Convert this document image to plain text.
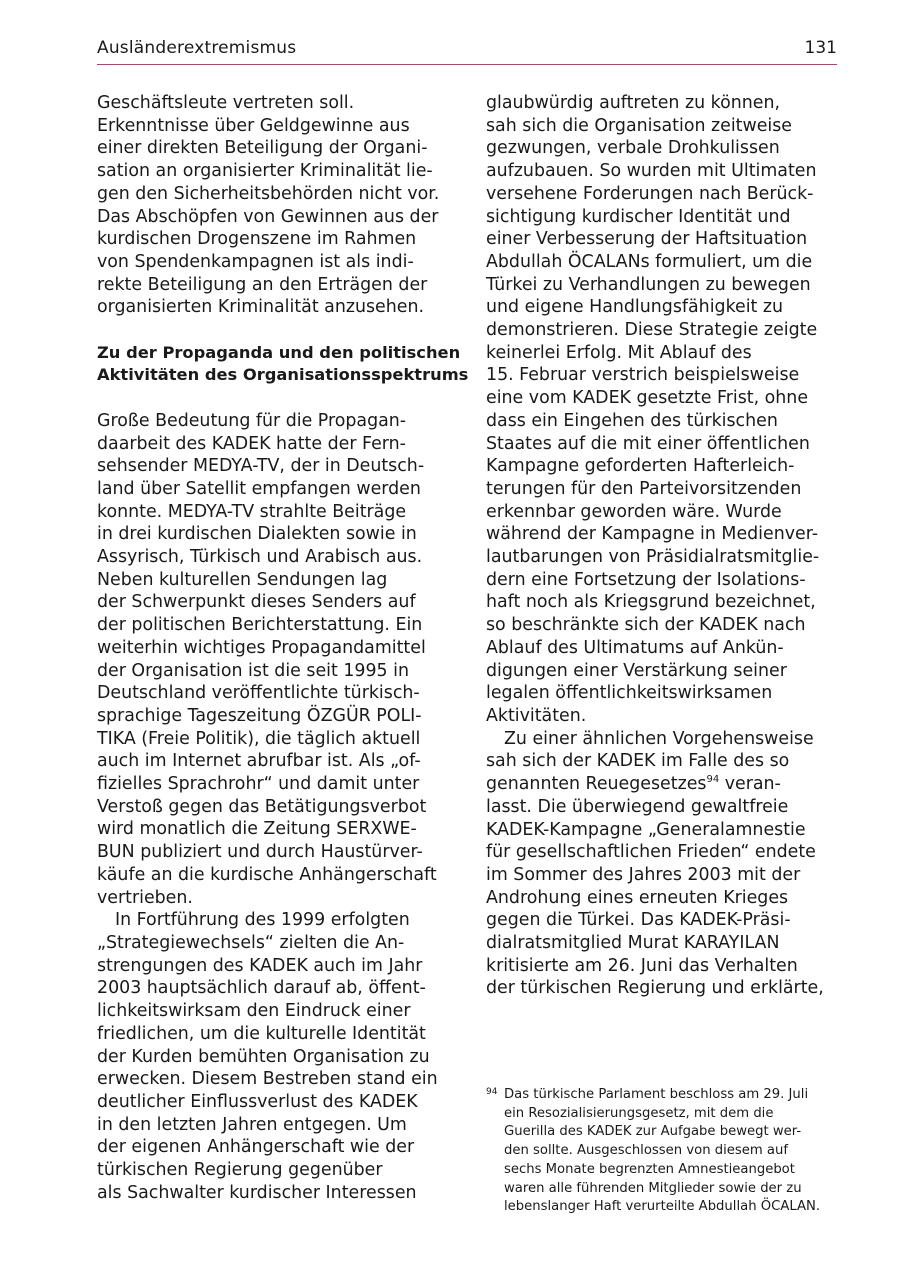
Ausländerextremismus	131
Geschäftsleute vertreten soll.
Erkenntnisse über Geldgewinne aus
einer direkten Beteiligung der Organi-
sation an organisierter Kriminalität lie-
gen den Sicherheitsbehörden nicht vor.
Das Abschöpfen von Gewinnen aus der
kurdischen Drogenszene im Rahmen
von Spendenkampagnen ist als indi-
rekte Beteiligung an den Erträgen der
organisierten Kriminalität anzusehen.
Zu der Propaganda und den politischen
Aktivitäten des Organisationsspektrums
Große Bedeutung für die Propagan-
daarbeit des KADEK hatte der Fern-
sehsender MEDYA-TV, der in Deutsch-
land über Satellit empfangen werden
konnte. MEDYA-TV strahlte Beiträge
in drei kurdischen Dialekten sowie in
Assyrisch, Türkisch und Arabisch aus.
Neben kulturellen Sendungen lag
der Schwerpunkt dieses Senders auf
der politischen Berichterstattung. Ein
weiterhin wichtiges Propagandamittel
der Organisation ist die seit 1995 in
Deutschland veröffentlichte türkisch-
sprachige Tageszeitung ÖZGÜR POLI-
TIKA (Freie Politik), die täglich aktuell
auch im Internet abrufbar ist. Als „of-
fizielles Sprachrohr“ und damit unter
Verstoß gegen das Betätigungsverbot
wird monatlich die Zeitung SERXWE-
BUN publiziert und durch Haustürver-
käufe an die kurdische Anhängerschaft
vertrieben.
In Fortführung des 1999 erfolgten
„Strategiewechsels“ zielten die An-
strengungen des KADEK auch im Jahr
2003 hauptsächlich darauf ab, öffent-
lichkeitswirksam den Eindruck einer
friedlichen, um die kulturelle Identität
der Kurden bemühten Organisation zu
erwecken. Diesem Bestreben stand ein
deutlicher Einflussverlust des KADEK
in den letzten Jahren entgegen. Um
der eigenen Anhängerschaft wie der
türkischen Regierung gegenüber
als Sachwalter kurdischer Interessen
glaubwürdig auftreten zu können,
sah sich die Organisation zeitweise
gezwungen, verbale Drohkulissen
aufzubauen. So wurden mit Ultimaten
versehene Forderungen nach Berück-
sichtigung kurdischer Identität und
einer Verbesserung der Haftsituation
Abdullah ÖCALANs formuliert, um die
Türkei zu Verhandlungen zu bewegen
und eigene Handlungsfähigkeit zu
demonstrieren. Diese Strategie zeigte
keinerlei Erfolg. Mit Ablauf des
15. Februar verstrich beispielsweise
eine vom KADEK gesetzte Frist, ohne
dass ein Eingehen des türkischen
Staates auf die mit einer öffentlichen
Kampagne geforderten Hafterleich-
terungen für den Parteivorsitzenden
erkennbar geworden wäre. Wurde
während der Kampagne in Medienver-
lautbarungen von Präsidialratsmitglie-
dern eine Fortsetzung der Isolations-
haft noch als Kriegsgrund bezeichnet,
so beschränkte sich der KADEK nach
Ablauf des Ultimatums auf Ankün-
digungen einer Verstärkung seiner
legalen öffentlichkeitswirksamen
Aktivitäten.
Zu einer ähnlichen Vorgehensweise
sah sich der KADEK im Falle des so
genannten Reuegesetzes$^{94}$ veran-
lasst. Die überwiegend gewaltfreie
KADEK-Kampagne „Generalamnestie
für gesellschaftlichen Frieden“ endete
im Sommer des Jahres 2003 mit der
Androhung eines erneuten Krieges
gegen die Türkei. Das KADEK-Präsi-
dialratsmitglied Murat KARAYILAN
kritisierte am 26. Juni das Verhalten
der türkischen Regierung und erklärte,
94 Das türkische Parlament beschloss am 29. Juli
ein Resozialisierungsgesetz, mit dem die
Guerilla des KADEK zur Aufgabe bewegt wer-
den sollte. Ausgeschlossen von diesem auf
sechs Monate begrenzten Amnestieangebot
waren alle führenden Mitglieder sowie der zu
lebenslanger Haft verurteilte Abdullah ÖCALAN.
